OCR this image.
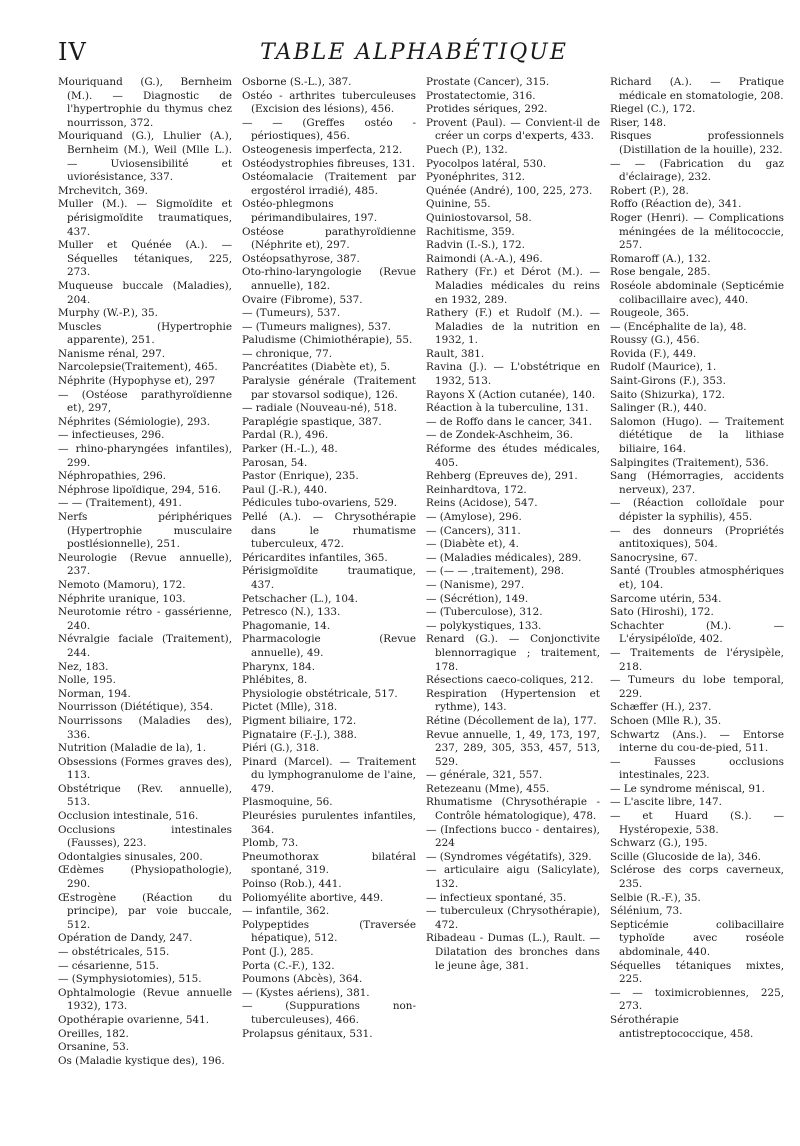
IV	TABLE ALPHABÉTIQUE

Mouriquand (G.), Bernheim (M.). — Diagnostic de l'hypertrophie du thymus chez nourrisson, 372.

Mouriquand (G.), Lhulier (A.), Bernheim (M.), Weil (Mlle L.). — Uviosensibilité et uviorésistance, 337.

Mrchevitch, 369.

Muller (M.). — Sigmoïdite et périsigmoïdite traumatiques, 437.

Muller et Quénée (A.). — Séquelles tétaniques, 225, 273.

Muqueuse buccale (Maladies), 204.

Murphy (W.-P.), 35.

Muscles (Hypertrophie apparente), 251.

Nanisme rénal, 297.

Narcolepsie(Traitement), 465.

Néphrite (Hypophyse et), 297

— (Ostéose parathyroïdienne et), 297,

Néphrites (Sémiologie), 293.

— infectieuses, 296.

— rhino-pharyngées infantiles), 299.

Néphropathies, 296.

Néphrose lipoïdique, 294, 516.

— — (Traitement), 491.

Nerfs périphériques (Hypertrophie musculaire postlésionnelle), 251.

Neurologie (Revue annuelle), 237.

Nemoto (Mamoru), 172.

Néphrite uranique, 103.

Neurotomie rétro - gassérienne, 240.

Névralgie faciale (Traitement), 244.

Nez, 183.

Nolle, 195.

Norman, 194.

Nourrisson (Diététique), 354.

Nourrissons (Maladies des), 336.

Nutrition (Maladie de la), 1.

Obsessions (Formes graves des), 113.

Obstétrique (Rev. annuelle), 513.

Occlusion intestinale, 516.

Occlusions intestinales (Fausses), 223.

Odontalgies sinusales, 200.

Œdèmes (Physiopathologie), 290.

Œstrogène (Réaction du principe), par voie buccale, 512.

Opération de Dandy, 247.

— obstétricales, 515.

— césarienne, 515.

— (Symphysiotomies), 515.

Ophtalmologie (Revue annuelle 1932), 173.

Opothérapie ovarienne, 541.

Oreilles, 182.

Orsanine, 53.

Os (Maladie kystique des), 196.

Osborne (S.-L.), 387.

Ostéo - arthrites tuberculeuses (Excision des lésions), 456.

— — (Greffes ostéo - périostiques), 456.

Osteogenesis imperfecta, 212.

Ostéodystrophies fibreuses, 131.

Ostéomalacie (Traitement par ergostérol irradié), 485.

Ostéo-phlegmons périmandibulaires, 197.

Ostéose parathyroïdienne (Néphrite et), 297.

Ostéopsathyrose, 387.

Oto-rhino-laryngologie (Revue annuelle), 182.

Ovaire (Fibrome), 537.

— (Tumeurs), 537.

— (Tumeurs malignes), 537.

Paludisme (Chimiothérapie), 55.

— chronique, 77.

Pancréatites (Diabète et), 5.

Paralysie générale (Traitement par stovarsol sodique), 126.

— radiale (Nouveau-né), 518.

Paraplégie spastique, 387.

Pardal (R.), 496.

Parker (H.-L.), 48.

Parosan, 54.

Pastor (Enrique), 235.

Paul (J.-R.), 440.

Pédicules tubo-ovariens, 529.

Pellé (A.). — Chrysothérapie dans le rhumatisme tuberculeux, 472.

Péricardites infantiles, 365.

Périsigmoïdite traumatique, 437.

Petschacher (L.), 104.

Petresco (N.), 133.

Phagomanie, 14.

Pharmacologie (Revue annuelle), 49.

Pharynx, 184.

Phlébites, 8.

Physiologie obstétricale, 517.

Pictet (Mlle), 318.

Pigment biliaire, 172.

Pignataire (F.-J.), 388.

Piéri (G.), 318.

Pinard (Marcel). — Traitement du lymphogranulome de l'aine, 479.

Plasmoquine, 56.

Pleurésies purulentes infantiles, 364.

Plomb, 73.

Pneumothorax bilatéral spontané, 319.

Poinso (Rob.), 441.

Poliomyélite abortive, 449.

— infantile, 362.

Polypeptides (Traversée hépatique), 512.

Pont (J.), 285.

Porta (C.-F.), 132.

Poumons (Abcès), 364.

— (Kystes aériens), 381.

— (Suppurations non-tuberculeuses), 466.

Prolapsus génitaux, 531.

Prostate (Cancer), 315.

Prostatectomie, 316.

Protides sériques, 292.

Provent (Paul). — Convient-il de créer un corps d'experts, 433.

Puech (P.), 132.

Pyocolpos latéral, 530.

Pyonéphrites, 312.

Quénée (André), 100, 225, 273.

Quinine, 55.

Quiniostovarsol, 58.

Rachitisme, 359.

Radvin (I.-S.), 172.

Raimondi (A.-A.), 496.

Rathery (Fr.) et Dérot (M.). — Maladies médicales du reins en 1932, 289.

Rathery (F.) et Rudolf (M.). — Maladies de la nutrition en 1932, 1.

Rault, 381.

Ravina (J.). — L'obstétrique en 1932, 513.

Rayons X (Action cutanée), 140.

Réaction à la tuberculine, 131.

— de Roffo dans le cancer, 341.

— de Zondek-Aschheim, 36.

Réforme des études médicales, 405.

Rehberg (Epreuves de), 291.

Reinhardtova, 172.

Reins (Acidose), 547.

— (Amylose), 296.

— (Cancers), 311.

— (Diabète et), 4.

— (Maladies médicales), 289.

— (— — ,traitement), 298.

— (Nanisme), 297.

— (Sécrétion), 149.

— (Tuberculose), 312.

— polykystiques, 133.

Renard (G.). — Conjonctivite blennorragique ; traitement, 178.

Résections caeco-coliques, 212.

Respiration (Hypertension et rythme), 143.

Rétine (Décollement de la), 177.

Revue annuelle, 1, 49, 173, 197, 237, 289, 305, 353, 457, 513, 529.

— générale, 321, 557.

Retezeanu (Mme), 455.

Rhumatisme (Chrysothérapie - Contrôle hématologique), 478.

— (Infections bucco - dentaires), 224

— (Syndromes végétatifs), 329.

— articulaire aigu (Salicylate), 132.

— infectieux spontané, 35.

— tuberculeux (Chrysothérapie), 472.

Ribadeau - Dumas (L.), Rault. — Dilatation des bronches dans le jeune âge, 381.

Richard (A.). — Pratique médicale en stomatologie, 208.

Riegel (C.), 172.

Riser, 148.

Risques professionnels (Distillation de la houille), 232.

— — (Fabrication du gaz d'éclairage), 232.

Robert (P.), 28.

Roffo (Réaction de), 341.

Roger (Henri). — Complications méningées de la mélitococcie, 257.

Romaroff (A.), 132.

Rose bengale, 285.

Roséole abdominale (Septicémie colibacillaire avec), 440.

Rougeole, 365.

— (Encéphalite de la), 48.

Roussy (G.), 456.

Rovida (F.), 449.

Rudolf (Maurice), 1.

Saint-Girons (F.), 353.

Saito (Shizurka), 172.

Salinger (R.), 440.

Salomon (Hugo). — Traitement diététique de la lithiase biliaire, 164.

Salpingites (Traitement), 536.

Sang (Hémorragies, accidents nerveux), 237.

— (Réaction colloïdale pour dépister la syphilis), 455.

— des donneurs (Propriétés antitoxiques), 504.

Sanocrysine, 67.

Santé (Troubles atmosphériques et), 104.

Sarcome utérin, 534.

Sato (Hiroshi), 172.

Schachter (M.). — L'érysipéloïde, 402.

— Traitements de l'érysipèle, 218.

— Tumeurs du lobe temporal, 229.

Schæffer (H.), 237.

Schoen (Mlle R.), 35.

Schwartz (Ans.). — Entorse interne du cou-de-pied, 511.

— Fausses occlusions intestinales, 223.

— Le syndrome méniscal, 91.

— L'ascite libre, 147.

— et Huard (S.). — Hystéropexie, 538.

Schwarz (G.), 195.

Scille (Glucoside de la), 346.

Sclérose des corps caverneux, 235.

Selbie (R.-F.), 35.

Sélénium, 73.

Septicémie colibacillaire typhoïde avec roséole abdominale, 440.

Séquelles tétaniques mixtes, 225.

— — toximicrobiennes, 225, 273.

Sérothérapie antistreptococcique, 458.
